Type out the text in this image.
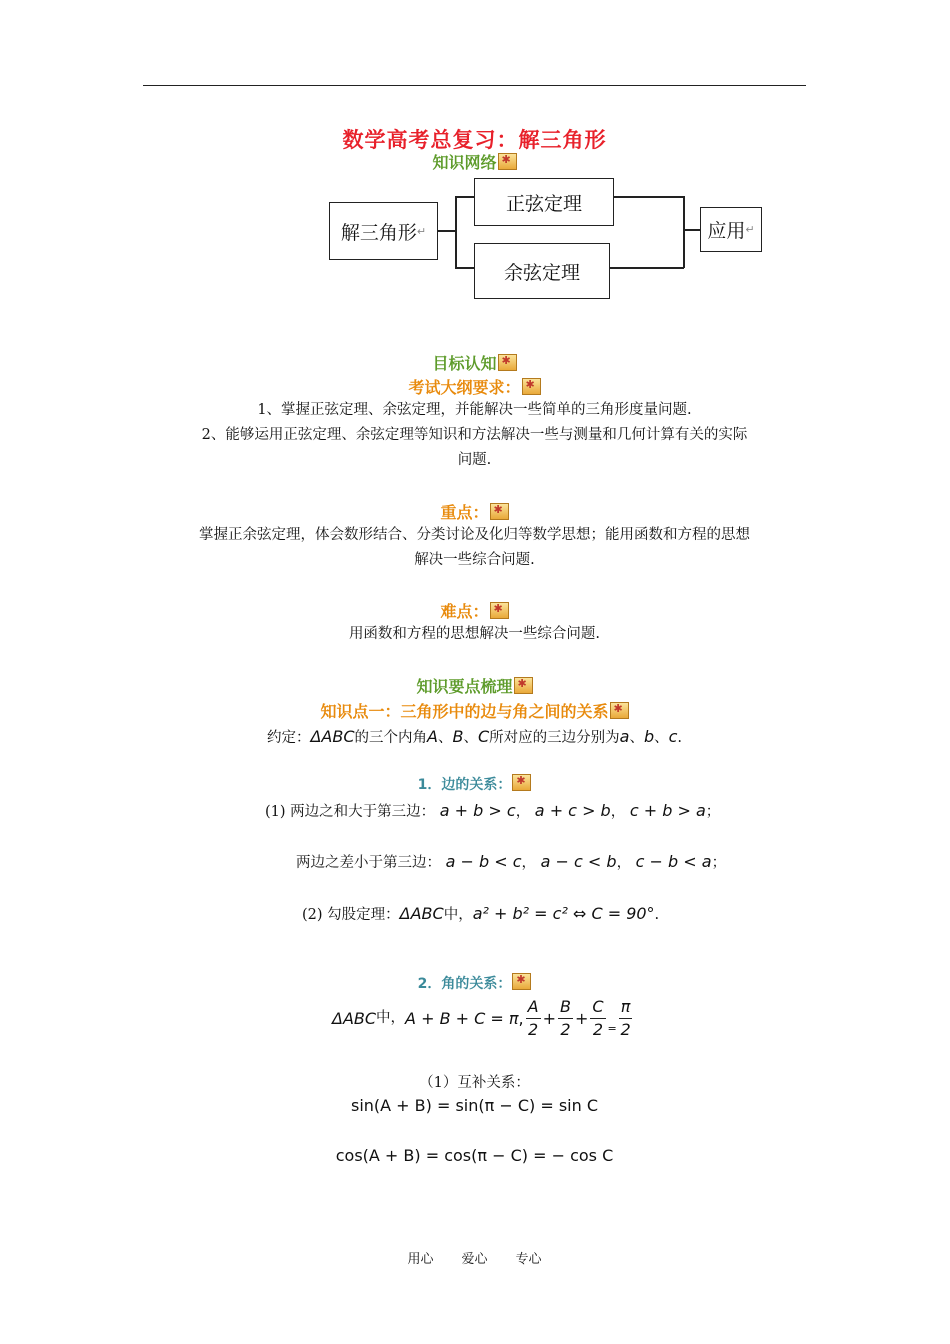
数学高考总复习：解三角形
知识网络✱
解三角形 ↵
正弦定理
余弦定理
应用 ↵
目标认知✱
考试大纲要求：✱
1、掌握正弦定理、余弦定理，并能解决一些简单的三角形度量问题.
2、能够运用正弦定理、余弦定理等知识和方法解决一些与测量和几何计算有关的实际
问题.
重点：✱
掌握正余弦定理，体会数形结合、分类讨论及化归等数学思想；能用函数和方程的思想
解决一些综合问题.
难点：✱
用函数和方程的思想解决一些综合问题.
知识要点梳理✱
知识点一：三角形中的边与角之间的关系✱
约定：ΔABC的三个内角A、B、C所对应的三边分别为a、b、c.
1．边的关系：✱
(1) 两边之和大于第三边： a + b > c， a + c > b， c + b > a；
两边之差小于第三边： a − b < c， a − c < b， c − b < a；
(2) 勾股定理：ΔABC中，a² + b² = c² ⇔ C = 90°.
2．角的关系：✱
ΔABC 中， A + B + C = π , $\frac{A}{2} + \frac{B}{2} + \frac{C}{2} = \frac{\pi}{2}$
（1）互补关系：
sin(A + B) = sin(π − C) = sin C
cos(A + B) = cos(π − C) = − cos C
用心 爱心 专心
